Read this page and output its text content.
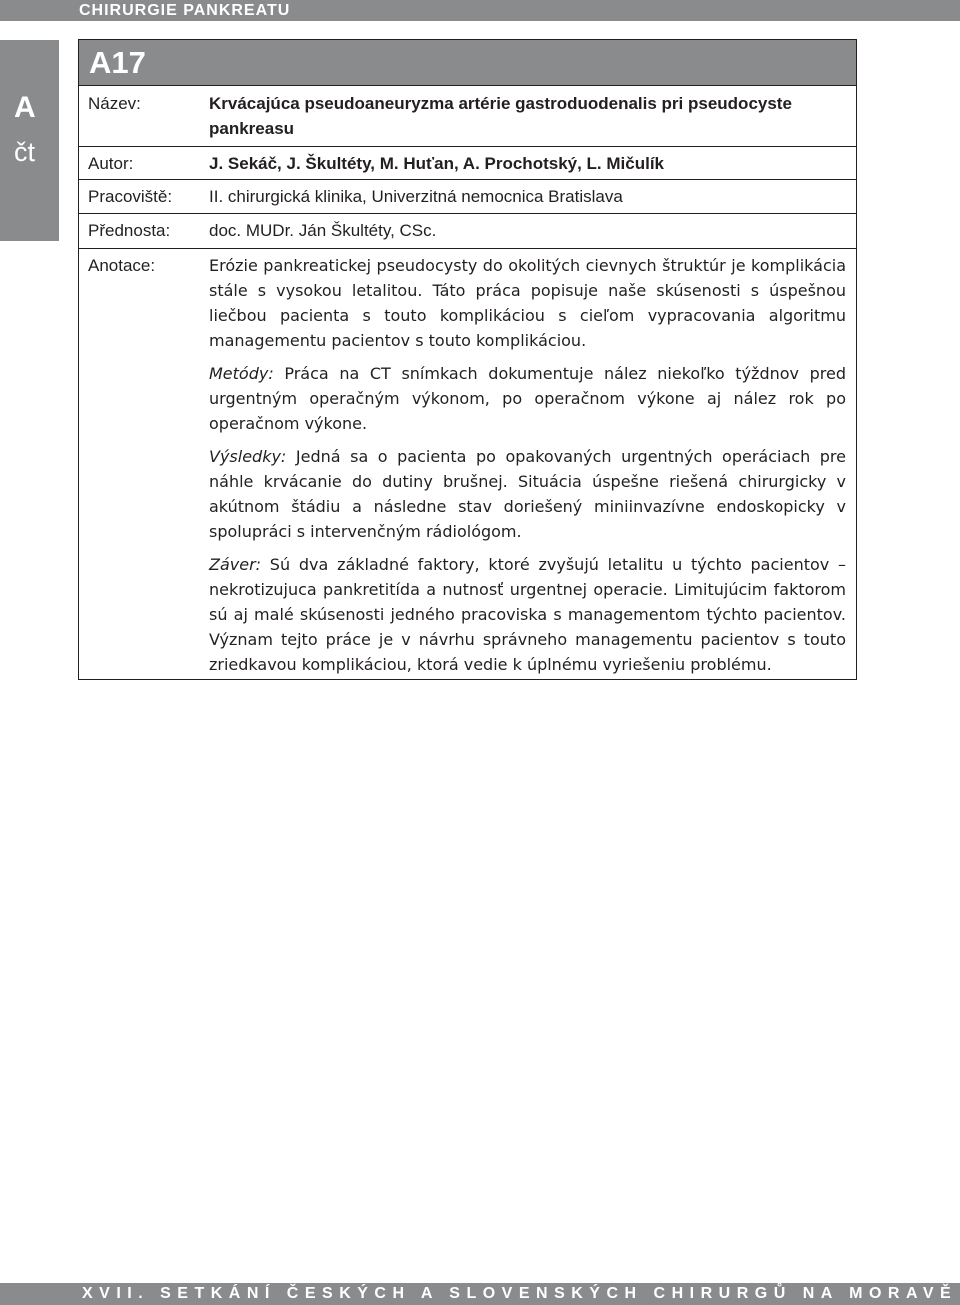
CHIRURGIE PANKREATU
A
čt
A17
Název:	Krvácajúca pseudoaneuryzma artérie gastroduodenalis pri pseudocyste pankreasu
Autor:	J. Sekáč, J. Škultéty, M. Huťan, A. Prochotský, L. Mičulík
Pracoviště:	II. chirurgická klinika, Univerzitná nemocnica Bratislava
Přednosta:	doc. MUDr. Ján Škultéty, CSc.
Anotace:	Erózie pankreatickej pseudocysty do okolitých cievnych štruktúr je komplikácia stále s vysokou letalitou. Táto práca popisuje naše skúsenosti s úspešnou liečbou pacienta s touto komplikáciou s cieľom vypracovania algoritmu managementu pacientov s touto komplikáciou.

Metódy: Práca na CT snímkach dokumentuje nález niekoľko týždnov pred urgentným operačným výkonom, po operačnom výkone aj nález rok po operačnom výkone.

Výsledky: Jedná sa o pacienta po opakovaných urgentných operáciach pre náhle krvácanie do dutiny brušnej. Situácia úspešne riešená chirurgicky v akútnom štádiu a následne stav doriešený miniinvazívne endoskopicky v spolupráci s intervenčným rádiológom.

Záver: Sú dva základné faktory, ktoré zvyšujú letalitu u týchto pacientov – nekrotizujuca pankretitída a nutnosť urgentnej operacie. Limitujúcim faktorom sú aj malé skúsenosti jedného pracoviska s managementom týchto pacientov. Význam tejto práce je v návrhu správneho managementu pacientov s touto zriedkavou komplikáciou, ktorá vedie k úplnému vyriešeniu problému.

XVII. SETKÁNÍ ČESKÝCH A SLOVENSKÝCH CHIRURGŮ NA MORAVĚ
